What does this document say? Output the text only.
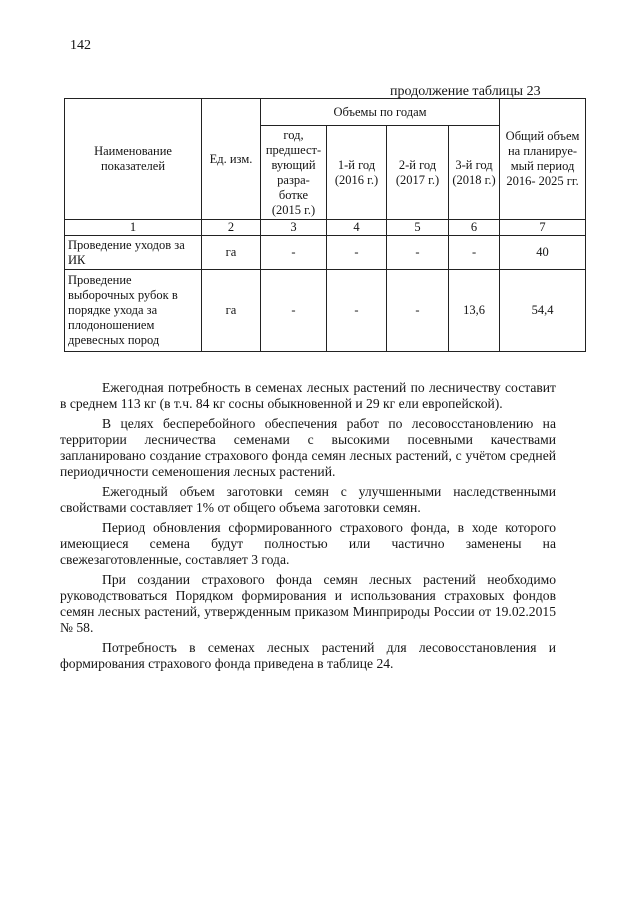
142
продолжение таблицы 23
Наименование показателей	Ед. изм.	Объемы по годам				Общий объем на планируе- мый период 2016- 2025 гг.
		год, предшест- вующий разра- ботке (2015 г.)	1-й год (2016 г.)	2-й год (2017 г.)	3-й год (2018 г.)	
1	2	3	4	5	6	7
Проведение уходов за ИК	га	-	-	-	-	40
Проведение выборочных рубок в порядке ухода за плодоношением древесных пород	га	-	-	-	13,6	54,4

Ежегодная потребность в семенах лесных растений по лесничеству составит в среднем 113 кг (в т.ч. 84 кг сосны обыкновенной и 29 кг ели европейской).

В целях бесперебойного обеспечения работ по лесовосстановлению на территории лесничества семенами с высокими посевными качествами запланировано создание страхового фонда семян лесных растений, с учётом средней периодичности семеношения лесных растений.

Ежегодный объем заготовки семян с улучшенными наследственными свойствами составляет 1% от общего объема заготовки семян.

Период обновления сформированного страхового фонда, в ходе которого имеющиеся семена будут полностью или частично заменены на свежезаготовленные, составляет 3 года.

При создании страхового фонда семян лесных растений необходимо руководствоваться Порядком формирования и использования страховых фондов семян лесных растений, утвержденным приказом Минприроды России от 19.02.2015 № 58.

Потребность в семенах лесных растений для лесовосстановления и формирования страхового фонда приведена в таблице 24.
